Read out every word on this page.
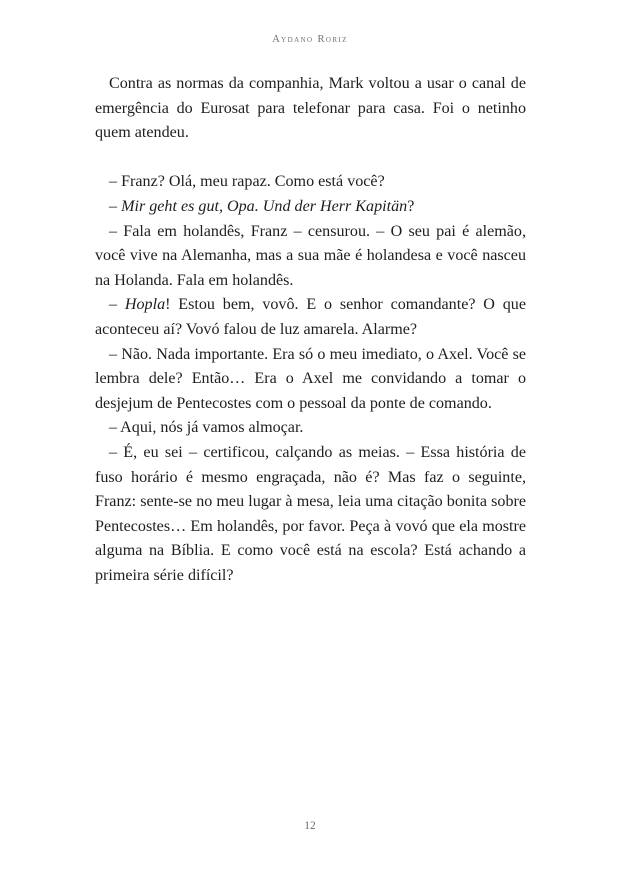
Aydano Roriz

Contra as normas da companhia, Mark voltou a usar o canal de emergência do Eurosat para telefonar para casa. Foi o netinho quem atendeu.

– Franz? Olá, meu rapaz. Como está você?

– Mir geht es gut, Opa. Und der Herr Kapitän?

– Fala em holandês, Franz – censurou. – O seu pai é alemão, você vive na Alemanha, mas a sua mãe é holandesa e você nasceu na Holanda. Fala em holandês.

– Hopla! Estou bem, vovô. E o senhor comandante? O que aconteceu aí? Vovó falou de luz amarela. Alarme?

– Não. Nada importante. Era só o meu imediato, o Axel. Você se lembra dele? Então… Era o Axel me convidando a tomar o desjejum de Pentecostes com o pessoal da ponte de comando.

– Aqui, nós já vamos almoçar.

– É, eu sei – certificou, calçando as meias. – Essa história de fuso horário é mesmo engraçada, não é? Mas faz o seguinte, Franz: sente-se no meu lugar à mesa, leia uma citação bonita sobre Pentecostes… Em holandês, por favor. Peça à vovó que ela mostre alguma na Bíblia. E como você está na escola? Está achando a primeira série difícil?

12
